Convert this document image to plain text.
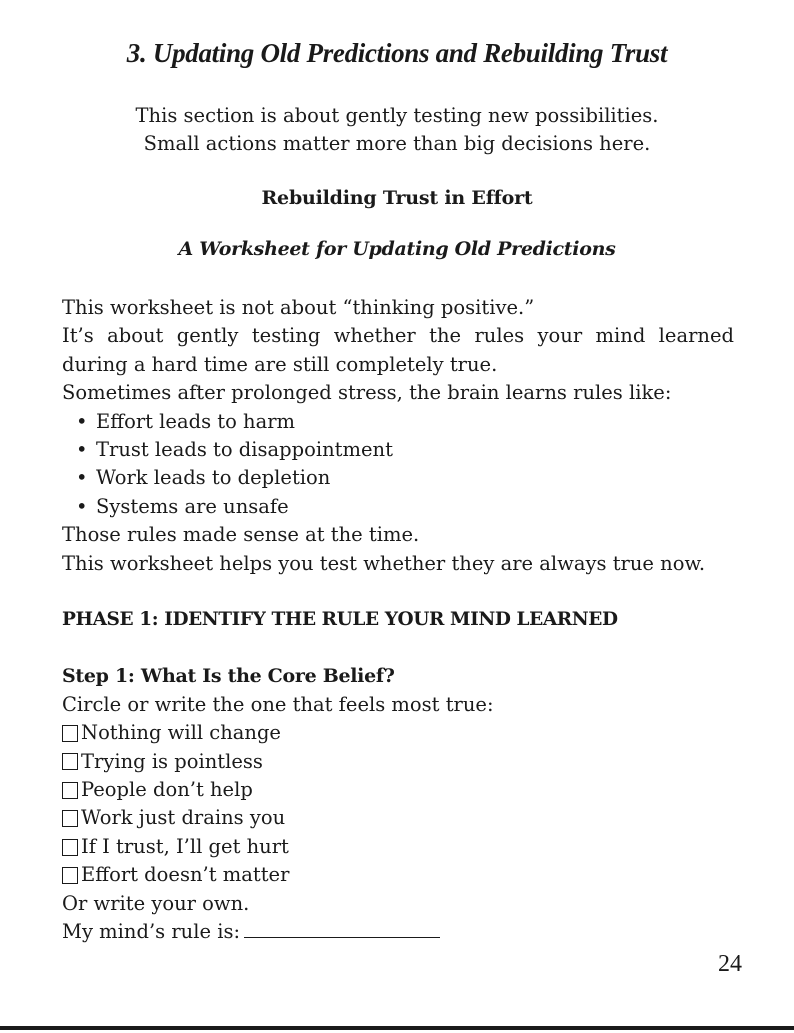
3. Updating Old Predictions and Rebuilding Trust
This section is about gently testing new possibilities.
Small actions matter more than big decisions here.
Rebuilding Trust in Effort
A Worksheet for Updating Old Predictions

This worksheet is not about “thinking positive.”

It’s about gently testing whether the rules your mind learned during a hard time are still completely true.

Sometimes after prolonged stress, the brain learns rules like:

• Effort leads to harm
• Trust leads to disappointment
• Work leads to depletion
• Systems are unsafe

Those rules made sense at the time.

This worksheet helps you test whether they are always true now.

PHASE 1: IDENTIFY THE RULE YOUR MIND LEARNED

Step 1: What Is the Core Belief?

Circle or write the one that feels most true:

Nothing will change
Trying is pointless
People don’t help
Work just drains you
If I trust, I’ll get hurt
Effort doesn’t matter

Or write your own.

My mind’s rule is:

24
